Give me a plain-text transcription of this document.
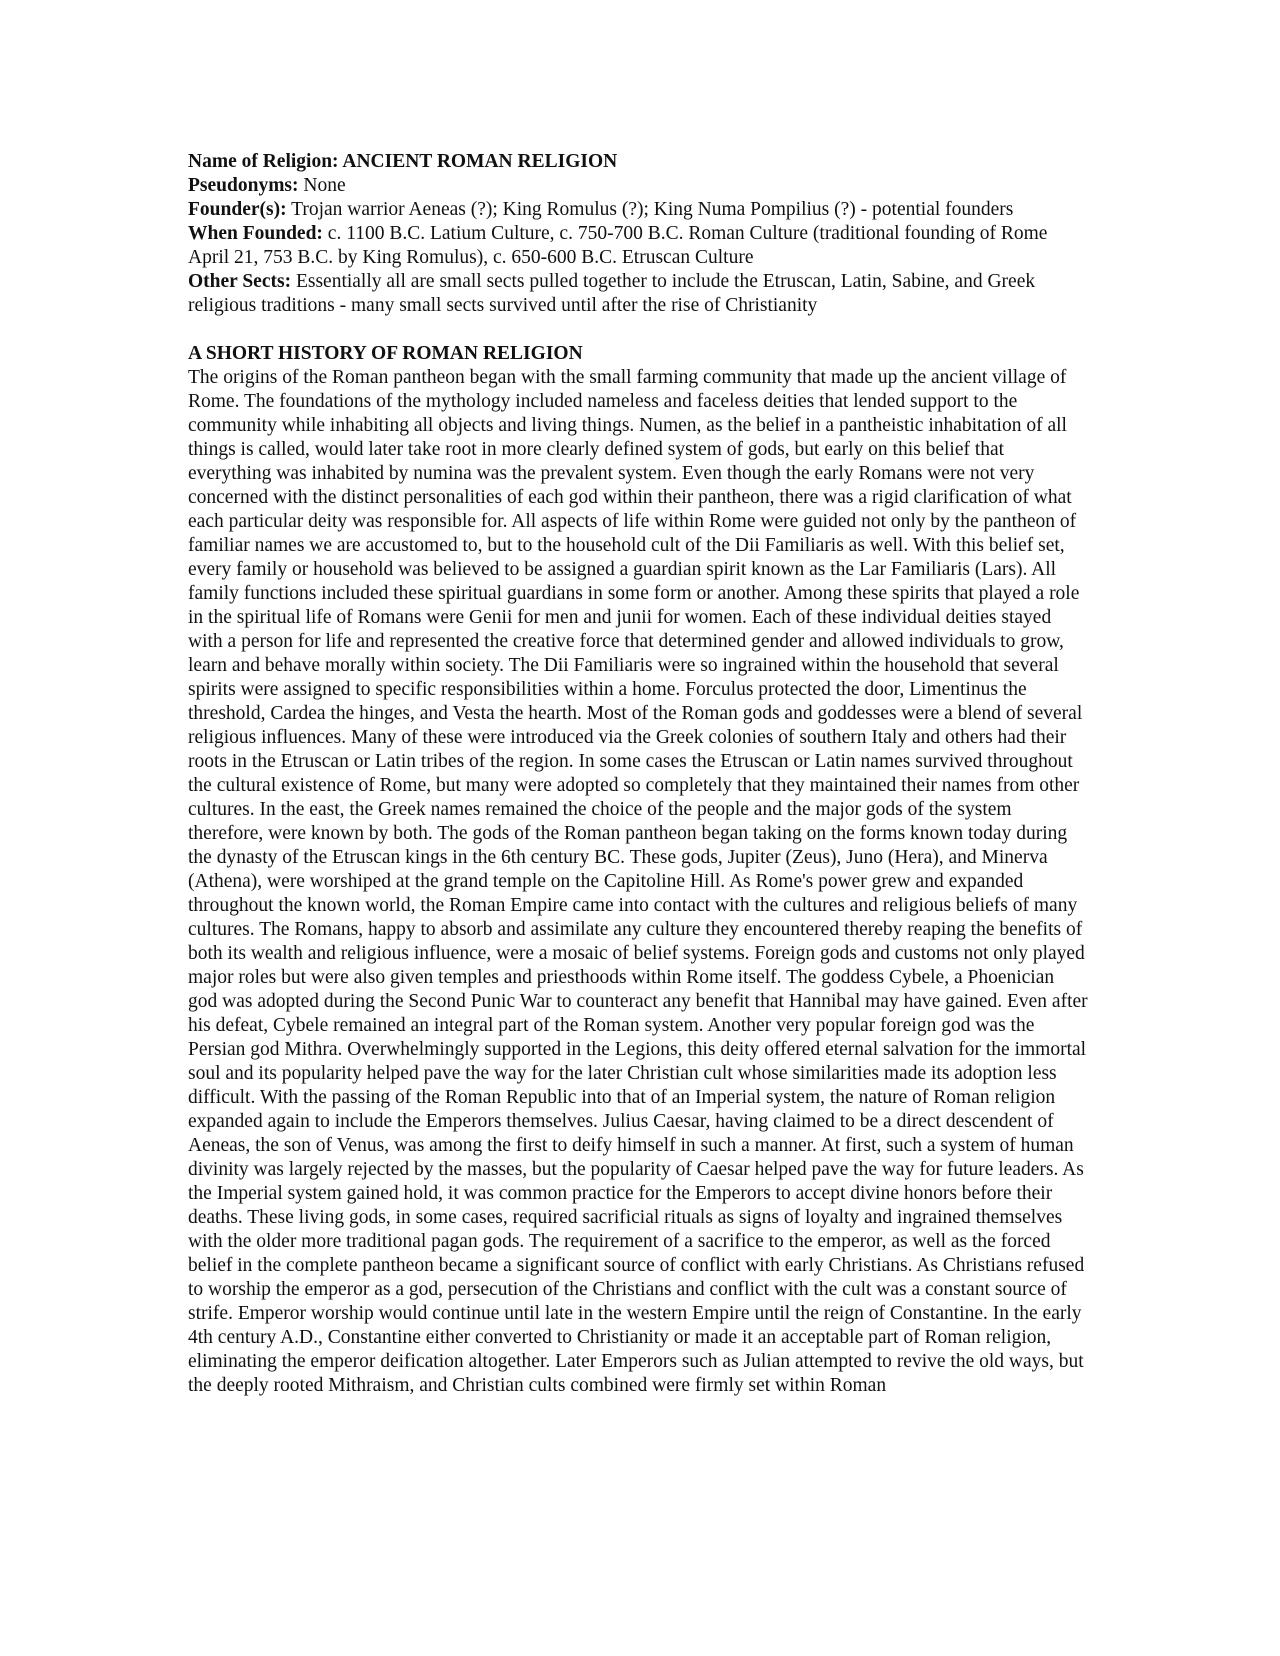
Name of Religion: ANCIENT ROMAN RELIGION
Pseudonyms: None
Founder(s): Trojan warrior Aeneas (?); King Romulus (?); King Numa Pompilius (?) - potential founders
When Founded: c. 1100 B.C. Latium Culture, c. 750-700 B.C. Roman Culture (traditional founding of Rome April 21, 753 B.C. by King Romulus), c. 650-600 B.C. Etruscan Culture
Other Sects: Essentially all are small sects pulled together to include the Etruscan, Latin, Sabine, and Greek religious traditions - many small sects survived until after the rise of Christianity
A SHORT HISTORY OF ROMAN RELIGION

The origins of the Roman pantheon began with the small farming community that made up the ancient village of Rome. The foundations of the mythology included nameless and faceless deities that lended support to the community while inhabiting all objects and living things. Numen, as the belief in a pantheistic inhabitation of all things is called, would later take root in more clearly defined system of gods, but early on this belief that everything was inhabited by numina was the prevalent system. Even though the early Romans were not very concerned with the distinct personalities of each god within their pantheon, there was a rigid clarification of what each particular deity was responsible for. All aspects of life within Rome were guided not only by the pantheon of familiar names we are accustomed to, but to the household cult of the Dii Familiaris as well. With this belief set, every family or household was believed to be assigned a guardian spirit known as the Lar Familiaris (Lars). All family functions included these spiritual guardians in some form or another. Among these spirits that played a role in the spiritual life of Romans were Genii for men and junii for women. Each of these individual deities stayed with a person for life and represented the creative force that determined gender and allowed individuals to grow, learn and behave morally within society. The Dii Familiaris were so ingrained within the household that several spirits were assigned to specific responsibilities within a home. Forculus protected the door, Limentinus the threshold, Cardea the hinges, and Vesta the hearth. Most of the Roman gods and goddesses were a blend of several religious influences. Many of these were introduced via the Greek colonies of southern Italy and others had their roots in the Etruscan or Latin tribes of the region. In some cases the Etruscan or Latin names survived throughout the cultural existence of Rome, but many were adopted so completely that they maintained their names from other cultures. In the east, the Greek names remained the choice of the people and the major gods of the system therefore, were known by both. The gods of the Roman pantheon began taking on the forms known today during the dynasty of the Etruscan kings in the 6th century BC. These gods, Jupiter (Zeus), Juno (Hera), and Minerva (Athena), were worshiped at the grand temple on the Capitoline Hill. As Rome's power grew and expanded throughout the known world, the Roman Empire came into contact with the cultures and religious beliefs of many cultures. The Romans, happy to absorb and assimilate any culture they encountered thereby reaping the benefits of both its wealth and religious influence, were a mosaic of belief systems. Foreign gods and customs not only played major roles but were also given temples and priesthoods within Rome itself. The goddess Cybele, a Phoenician god was adopted during the Second Punic War to counteract any benefit that Hannibal may have gained. Even after his defeat, Cybele remained an integral part of the Roman system. Another very popular foreign god was the Persian god Mithra. Overwhelmingly supported in the Legions, this deity offered eternal salvation for the immortal soul and its popularity helped pave the way for the later Christian cult whose similarities made its adoption less difficult. With the passing of the Roman Republic into that of an Imperial system, the nature of Roman religion expanded again to include the Emperors themselves. Julius Caesar, having claimed to be a direct descendent of Aeneas, the son of Venus, was among the first to deify himself in such a manner. At first, such a system of human divinity was largely rejected by the masses, but the popularity of Caesar helped pave the way for future leaders. As the Imperial system gained hold, it was common practice for the Emperors to accept divine honors before their deaths. These living gods, in some cases, required sacrificial rituals as signs of loyalty and ingrained themselves with the older more traditional pagan gods. The requirement of a sacrifice to the emperor, as well as the forced belief in the complete pantheon became a significant source of conflict with early Christians. As Christians refused to worship the emperor as a god, persecution of the Christians and conflict with the cult was a constant source of strife. Emperor worship would continue until late in the western Empire until the reign of Constantine. In the early 4th century A.D., Constantine either converted to Christianity or made it an acceptable part of Roman religion, eliminating the emperor deification altogether. Later Emperors such as Julian attempted to revive the old ways, but the deeply rooted Mithraism, and Christian cults combined were firmly set within Roman
